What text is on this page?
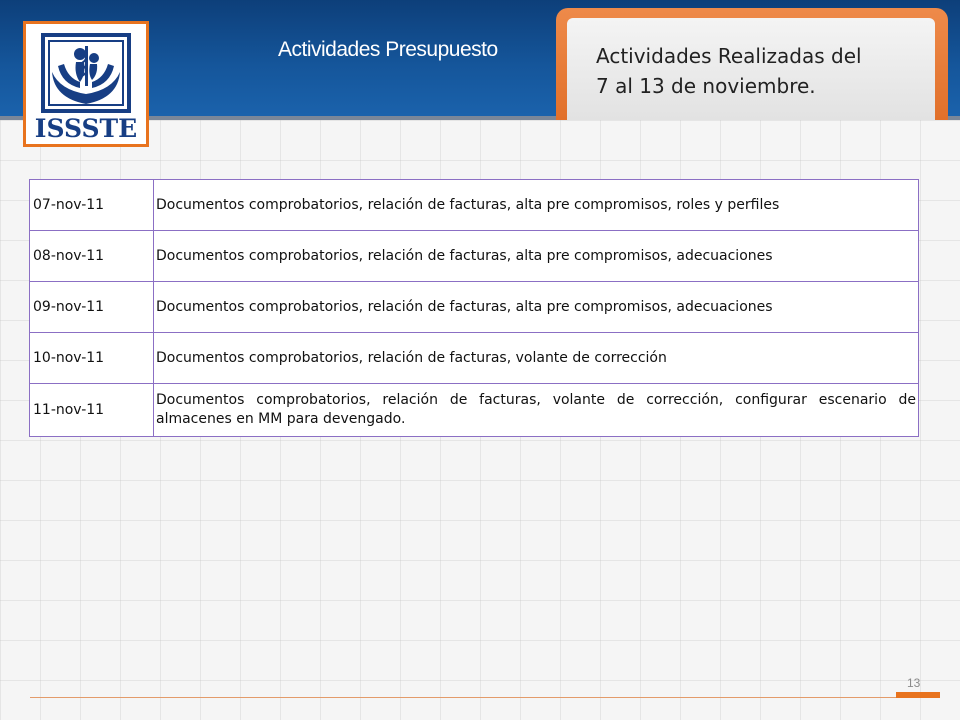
Actividades Presupuesto	Actividades Realizadas del
7 al 13 de noviembre.
ISSSTE
07-nov-11	Documentos comprobatorios, relación de facturas, alta pre compromisos, roles y perfiles
08-nov-11	Documentos comprobatorios, relación de facturas, alta pre compromisos, adecuaciones
09-nov-11	Documentos comprobatorios, relación de facturas, alta pre compromisos, adecuaciones
10-nov-11	Documentos comprobatorios, relación de facturas, volante de corrección
11-nov-11	Documentos comprobatorios, relación de facturas, volante de corrección, configurar escenario de almacenes en MM para devengado.
13
